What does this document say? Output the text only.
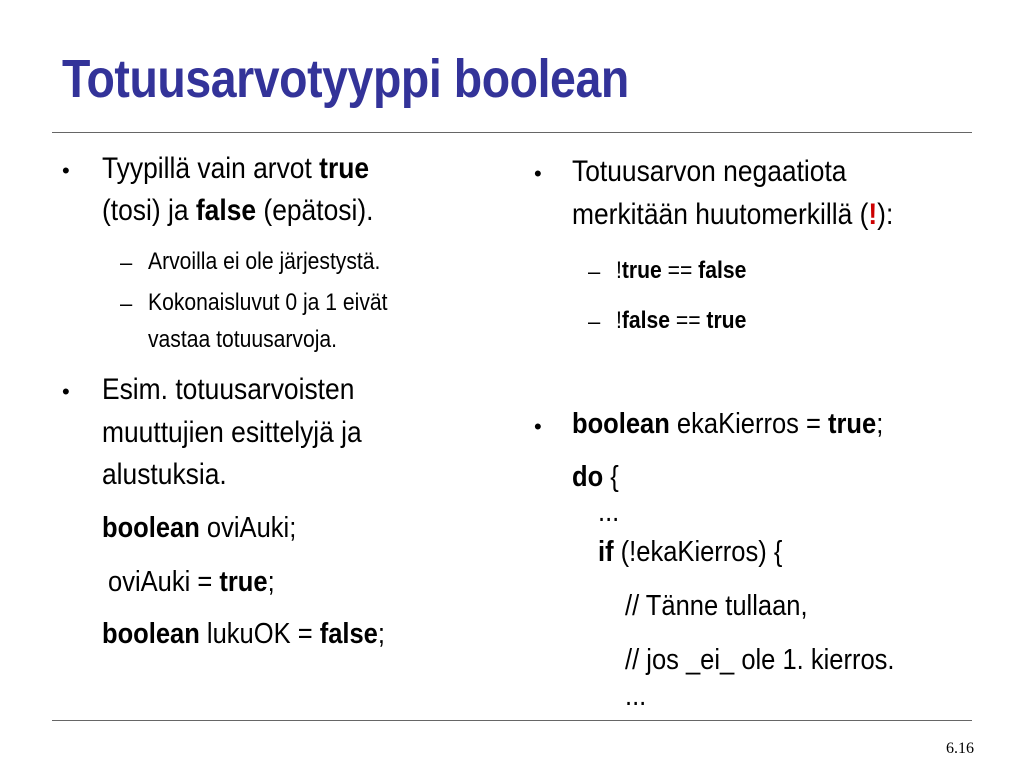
Totuusarvotyyppi boolean
• Tyypillä vain arvot true
(tosi) ja false (epätosi).
– Arvoilla ei ole järjestystä.
– Kokonaisluvut 0 ja 1 eivät
vastaa totuusarvoja.
• Esim. totuusarvoisten
muuttujien esittelyjä ja
alustuksia.
boolean oviAuki;
oviAuki = true;
boolean lukuOK = false;
• Totuusarvon negaatiota
merkitään huutomerkillä (!):
– !true == false
– !false == true
• boolean ekaKierros = true;
do {
...
if (!ekaKierros) {
// Tänne tullaan,
// jos _ei_ ole 1. kierros.
...
6.16
